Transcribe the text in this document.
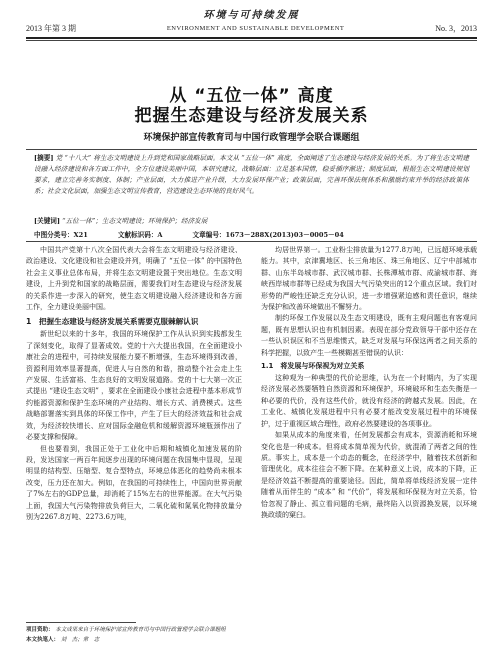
环境与可持续发展
2013 年第 3 期	ENVIRONMENT AND SUSTAINABLE DEVELOPMENT	No. 3，2013
从 “五位一体” 高度
把握生态建设与经济发展关系
环境保护部宣传教育司与中国行政管理学会联合课题组
[摘要] 党 “十八大” 将生态文明建设上升到党和国家战略层面。本文从 “五位一体” 高度，全面阐述了生态建设与经济发展的关系。为了将生态文明建设融入经济建设和各方面工作中，全方位建设美丽中国，本研究建议，战略层面：立足基本国情，稳妥循序渐进；制度层面，根据生态文明建设规划要求，建立完善务实制度、体制；产业层面，大力推进产业升级，大力发展环保产业；政策层面，完善环保法规体系和激励约束并举的经济政策体系；社会文化层面，加强生态文明宣传教育，营造建设生态环境的良好风气。
[关键词] “五位一体”；生态文明建设；环境保护；经济发展
中图分类号：X21	文献标识码：A	文章编号：1673－288X(2013)03－0005－04

中国共产党第十八次全国代表大会将生态文明建设与经济建设、政治建设、文化建设和社会建设并列，明确了 “五位一体” 的中国特色社会主义事业总体布局，并将生态文明建设置于突出地位。生态文明建设，上升到党和国家的战略层面，需要我们对生态建设与经济发展的关系作进一步深入的研究，使生态文明建设融入经济建设和各方面工作，全力建设美丽中国。

1　把握生态建设与经济发展关系需要克服棘解认识

新世纪以来的十多年，我国的环境保护工作从认识到实践都发生了深刻变化，取得了显著成效。党的十六大提出我国，在全面建设小康社会的进程中，可持续发展能力要不断增强，生态环境得到改善，资源利用效率显著提高，促进人与自然的和谐，推动整个社会走上生产发展、生活富裕、生态良好的文明发展道路。党的十七大第一次正式提出 “建设生态文明” ，要求在全面建设小康社会进程中基本形成节约能源资源和保护生态环境的产业结构、增长方式、消费模式。这些战略部署落实到具体的环保工作中，产生了巨大的经济效益和社会成效，为经济较快增长、应对国际金融危机和缓解资源环境瓶颈作出了必要支撑和保障。

但也要看到，我国正处于工业化中后期和城镇化加速发展的阶段，发达国家一两百年间逐步出现的环境问题在我国集中显现，呈现明显的结构型、压缩型、复合型特点，环境总体恶化的趋势尚未根本改变，压力还在加大。例如，在我国的可持续性上，中国向世界贡献了7%左右的GDP总量，却消耗了15%左右的世界能源。在大气污染上面，我国大气污染物排放负荷巨大，二氧化硫和氮氧化物排放量分别为2267.8万吨、2273.6万吨，

均居世界第一。工业粉尘排放量为1277.8万吨，已远超环境承载能力。其中，京津冀地区、长三角地区、珠三角地区、辽宁中部城市群、山东半岛城市群、武汉城市群、长株潭城市群、成渝城市群、海峡西岸城市群等已经成为我国大气污染突出的12个重点区域。我们对形势的严峻性还缺乏充分认识，进一步增强紧迫感和责任意识，继续为保护和改善环境做出不懈努力。

制约环保工作发展以及生态文明建设，既有主观问题也有客观问题，既有思想认识也有机制因素。表现在部分党政领导干部中还存在一些认识误区和不当思维惯式，缺乏对发展与环保这两者之间关系的科学把握，以致产生一些模糊甚至错误的认识：

1.1　将发展与环保视为对立关系

这种观为一种典型的代价论思维，认为在一个时期内，为了实现经济发展必然要牺牲自然资源和环境保护，环境破坏和生态失衡是一种必要的代价，没有这些代价，就没有经济的跨越式发展。因此，在工业化、城镇化发展进程中只有必要才能改变发展过程中的环境保护，过于重视区域合理性，政府必然要建设的各项事业。

如果从成本的角度来看，任何发展都会有成本，资源消耗和环境变化也是一种成本。但将成本简单视为代价，就混淆了两者之间的性质。事实上，成本是一个动态的概念，在经济学中，随着技术创新和管理优化，成本往往会不断下降。在某种意义上说，成本的下降，正是经济效益不断提高的重要途径。因此，简单将单线经济发展一定伴随着从而伴生的 “成本” 和 “代价”，将发展和环保视为对立关系，恰恰忽视了静止、孤立看问题的毛病，最终陷入以资源换发展，以环境换政绩的窠臼。

项目资助： 本文成果来自于环境保护部宣传教育司与中国行政管理学会联合课题组
本文执笔人： 刘　杰；常　志
